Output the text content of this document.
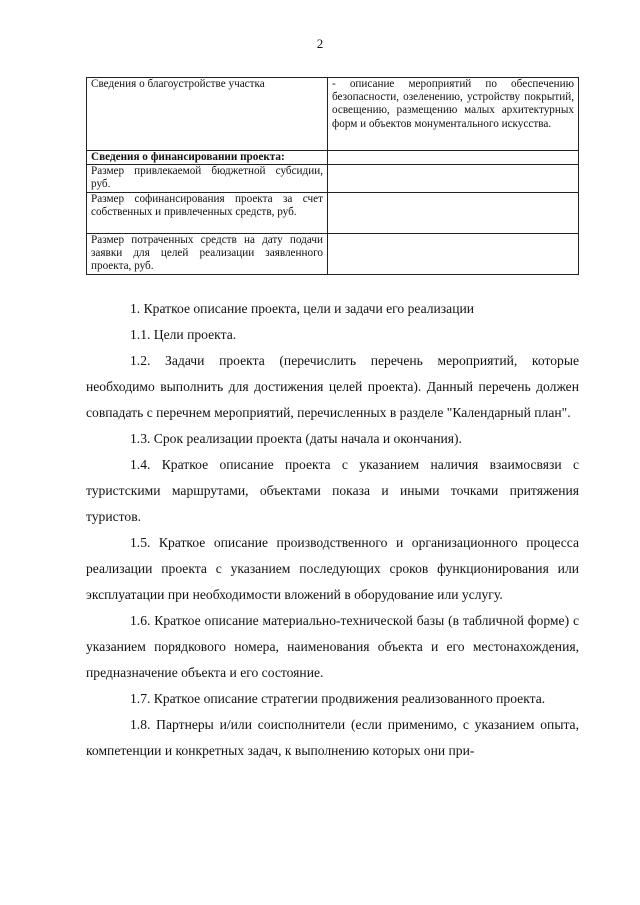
2
Сведения о благоустройстве участка	- описание мероприятий по обеспечению безопасности, озеленению, устройству покрытий, освещению, размещению малых архитектурных форм и объектов монументального искусства.
Сведения о финансировании проекта:	
Размер привлекаемой бюджетной субсидии, руб.	
Размер софинансирования проекта за счет собственных и привлеченных средств, руб.	
Размер потраченных средств на дату подачи заявки для целей реализации заявленного проекта, руб.	

1. Краткое описание проекта, цели и задачи его реализации

1.1. Цели проекта.

1.2. Задачи проекта (перечислить перечень мероприятий, которые необходимо выполнить для достижения целей проекта). Данный перечень должен совпадать с перечнем мероприятий, перечисленных в разделе "Календарный план".

1.3. Срок реализации проекта (даты начала и окончания).

1.4. Краткое описание проекта с указанием наличия взаимосвязи с туристскими маршрутами, объектами показа и иными точками притяжения туристов.

1.5. Краткое описание производственного и организационного процесса реализации проекта с указанием последующих сроков функционирования или эксплуатации при необходимости вложений в оборудование или услугу.

1.6. Краткое описание материально-технической базы (в табличной форме) с указанием порядкового номера, наименования объекта и его местонахождения, предназначение объекта и его состояние.

1.7. Краткое описание стратегии продвижения реализованного проекта.

1.8. Партнеры и/или соисполнители (если применимо, с указанием опыта, компетенции и конкретных задач, к выполнению которых они при-
